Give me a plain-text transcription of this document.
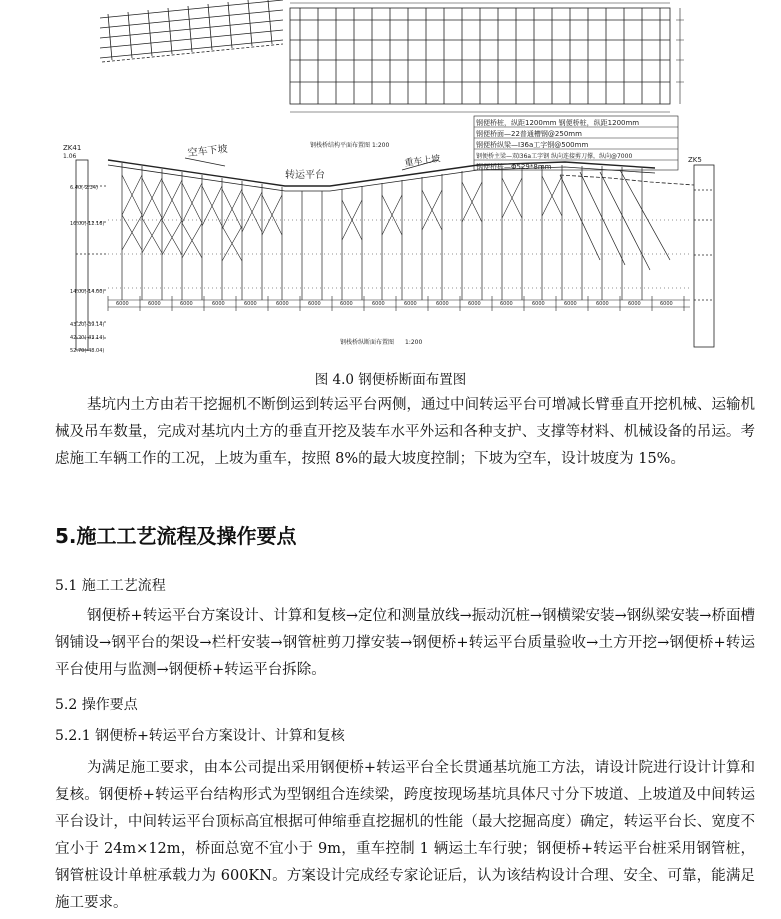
钢栈桥结构平面布置图 1:200
钢栈桥纵断面布置图 1:200
空车下坡
转运平台
重车上坡
钢便桥桩，纵距1200mm 钢便桥桩，纵距1200mm
钢便桥面—22普通槽钢@250mm
钢便桥纵梁—I36a工字钢@500mm
钢便桥主梁—双I36a工字钢 纵向连接剪刀撑，纵向@7000
钢便桥桩—Φ529*8mm
ZK41
1.06	ZK5
6.40(-2.34)
16.00(-12.16)
14.00(-14.00)
43.20(-39.14)
42.20(-43.14)
52.70(-48.04)
6000	6000	6000	6000	6000	6000	6000	6000	6000	6000	6000	6000	6000	6000	6000	6000	6000	6000
图 4.0 钢便桥断面布置图

基坑内土方由若干挖掘机不断倒运到转运平台两侧，通过中间转运平台可增减长臂垂直开挖机械、运输机械及吊车数量，完成对基坑内土方的垂直开挖及装车水平外运和各种支护、支撑等材料、机械设备的吊运。考虑施工车辆工作的工况，上坡为重车，按照 8%的最大坡度控制；下坡为空车，设计坡度为 15%。

5.施工工艺流程及操作要点

5.1 施工工艺流程

钢便桥+转运平台方案设计、计算和复核→定位和测量放线→振动沉桩→钢横梁安装→钢纵梁安装→桥面槽钢铺设→钢平台的架设→栏杆安装→钢管桩剪刀撑安装→钢便桥+转运平台质量验收→土方开挖→钢便桥+转运平台使用与监测→钢便桥+转运平台拆除。

5.2 操作要点

5.2.1 钢便桥+转运平台方案设计、计算和复核

为满足施工要求，由本公司提出采用钢便桥+转运平台全长贯通基坑施工方法，请设计院进行设计计算和复核。钢便桥+转运平台结构形式为型钢组合连续梁，跨度按现场基坑具体尺寸分下坡道、上坡道及中间转运平台设计，中间转运平台顶标高宜根据可伸缩垂直挖掘机的性能（最大挖掘高度）确定，转运平台长、宽度不宜小于 24m×12m，桥面总宽不宜小于 9m，重车控制 1 辆运土车行驶；钢便桥+转运平台桩采用钢管桩，钢管桩设计单桩承载力为 600KN。方案设计完成经专家论证后，认为该结构设计合理、安全、可靠，能满足施工要求。
